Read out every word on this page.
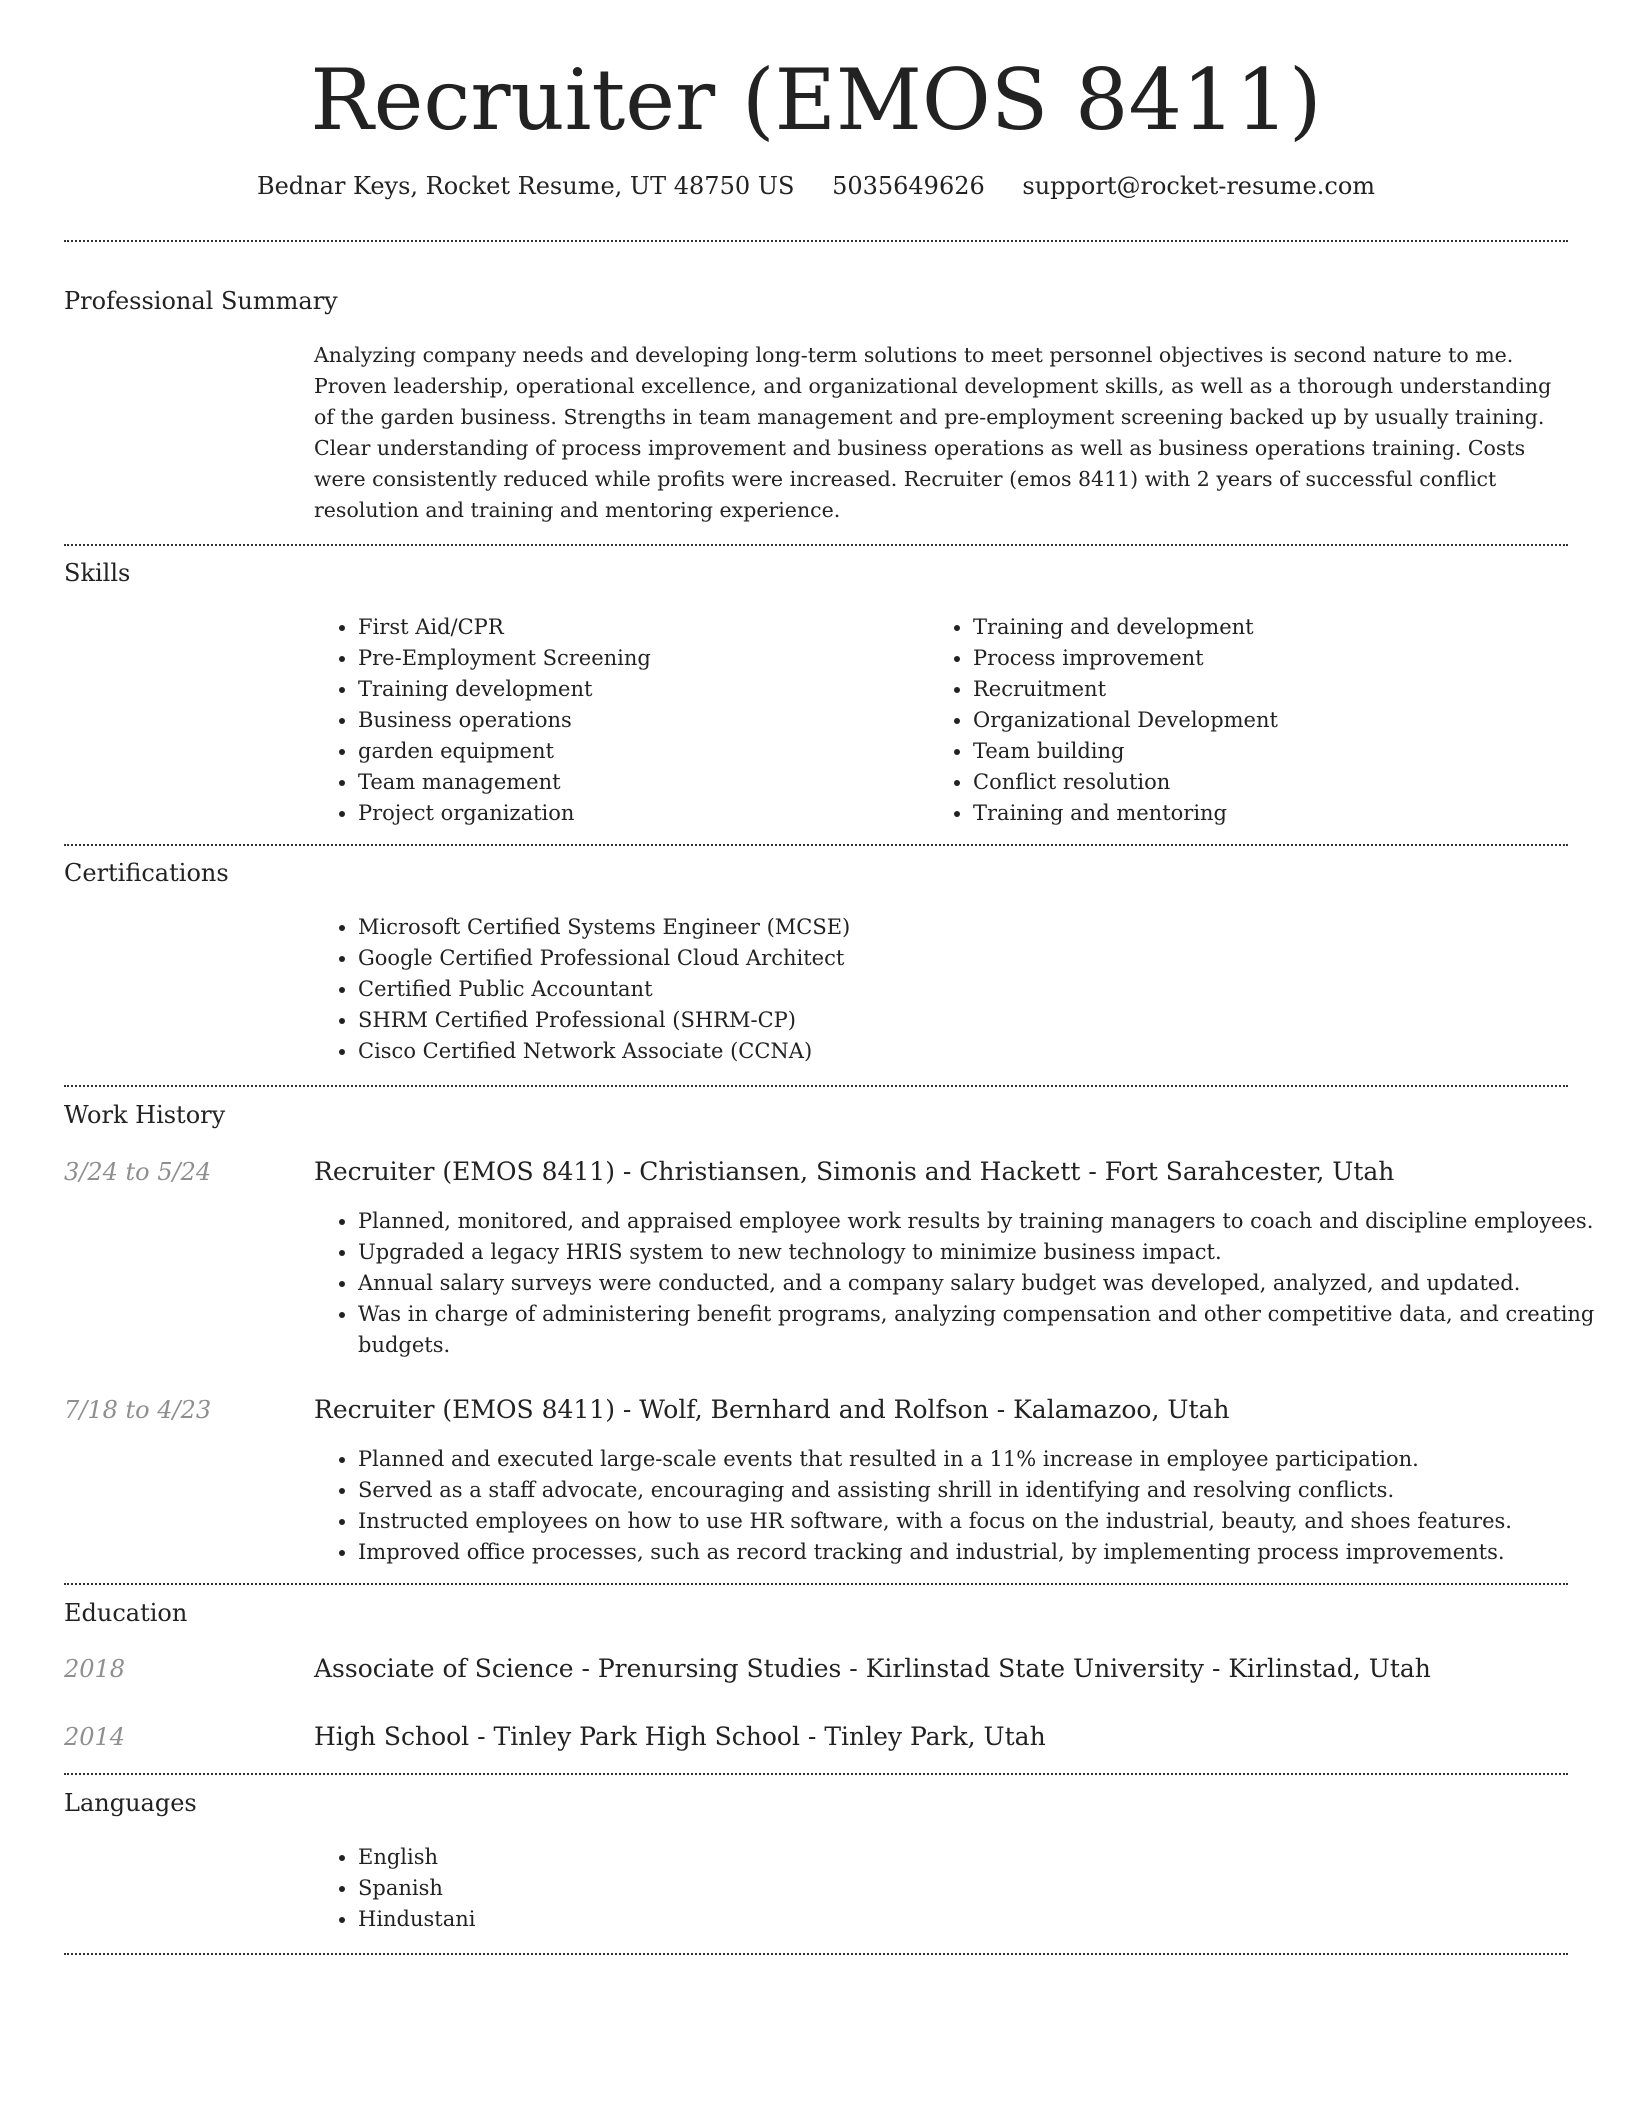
Recruiter (EMOS 8411)
Bednar Keys, Rocket Resume, UT 48750 US 5035649626 support@rocket-resume.com
Professional Summary

Analyzing company needs and developing long-term solutions to meet personnel objectives is second nature to me. Proven leadership, operational excellence, and organizational development skills, as well as a thorough understanding of the garden business. Strengths in team management and pre-employment screening backed up by usually training. Clear understanding of process improvement and business operations as well as business operations training. Costs were consistently reduced while profits were increased. Recruiter (emos 8411) with 2 years of successful conflict resolution and training and mentoring experience.

Skills
• First Aid/CPR
• Pre-Employment Screening
• Training development
• Business operations
• garden equipment
• Team management
• Project organization
• Training and development
• Process improvement
• Recruitment
• Organizational Development
• Team building
• Conflict resolution
• Training and mentoring
Certifications
• Microsoft Certified Systems Engineer (MCSE)
• Google Certified Professional Cloud Architect
• Certified Public Accountant
• SHRM Certified Professional (SHRM-CP)
• Cisco Certified Network Associate (CCNA)
Work History
3/24 to 5/24	Recruiter (EMOS 8411) - Christiansen, Simonis and Hackett - Fort Sarahcester, Utah
• Planned, monitored, and appraised employee work results by training managers to coach and discipline employees.
• Upgraded a legacy HRIS system to new technology to minimize business impact.
• Annual salary surveys were conducted, and a company salary budget was developed, analyzed, and updated.
• Was in charge of administering benefit programs, analyzing compensation and other competitive data, and creating budgets.
7/18 to 4/23	Recruiter (EMOS 8411) - Wolf, Bernhard and Rolfson - Kalamazoo, Utah
• Planned and executed large-scale events that resulted in a 11% increase in employee participation.
• Served as a staff advocate, encouraging and assisting shrill in identifying and resolving conflicts.
• Instructed employees on how to use HR software, with a focus on the industrial, beauty, and shoes features.
• Improved office processes, such as record tracking and industrial, by implementing process improvements.
Education
2018	Associate of Science - Prenursing Studies - Kirlinstad State University - Kirlinstad, Utah
2014	High School - Tinley Park High School - Tinley Park, Utah
Languages
• English
• Spanish
• Hindustani
